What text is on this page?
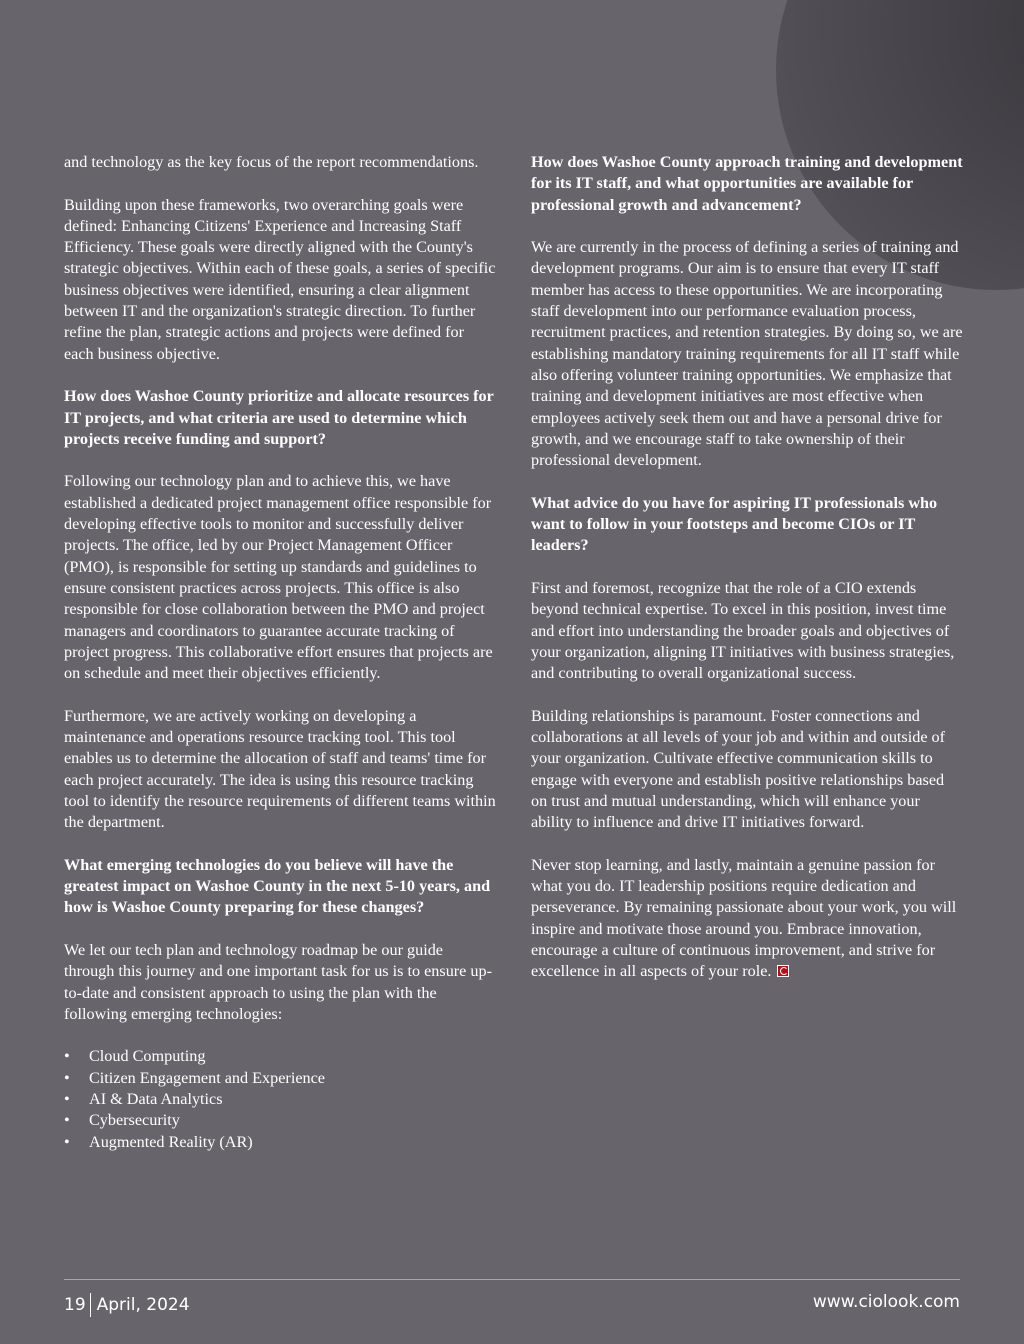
and technology as the key focus of the report recommendations.

Building upon these frameworks, two overarching goals were defined: Enhancing Citizens' Experience and Increasing Staff Efficiency. These goals were directly aligned with the County's strategic objectives. Within each of these goals, a series of specific business objectives were identified, ensuring a clear alignment between IT and the organization's strategic direction. To further refine the plan, strategic actions and projects were defined for each business objective.

How does Washoe County prioritize and allocate resources for IT projects, and what criteria are used to determine which projects receive funding and support?

Following our technology plan and to achieve this, we have established a dedicated project management office responsible for developing effective tools to monitor and successfully deliver projects. The office, led by our Project Management Officer (PMO), is responsible for setting up standards and guidelines to ensure consistent practices across projects. This office is also responsible for close collaboration between the PMO and project managers and coordinators to guarantee accurate tracking of project progress. This collaborative effort ensures that projects are on schedule and meet their objectives efficiently.

Furthermore, we are actively working on developing a maintenance and operations resource tracking tool. This tool enables us to determine the allocation of staff and teams' time for each project accurately. The idea is using this resource tracking tool to identify the resource requirements of different teams within the department.

What emerging technologies do you believe will have the greatest impact on Washoe County in the next 5-10 years, and how is Washoe County preparing for these changes?

We let our tech plan and technology roadmap be our guide through this journey and one important task for us is to ensure up-to-date and consistent approach to using the plan with the following emerging technologies:

• Cloud Computing
• Citizen Engagement and Experience
• AI & Data Analytics
• Cybersecurity
• Augmented Reality (AR)

How does Washoe County approach training and development for its IT staff, and what opportunities are available for professional growth and advancement?

We are currently in the process of defining a series of training and development programs. Our aim is to ensure that every IT staff member has access to these opportunities. We are incorporating staff development into our performance evaluation process, recruitment practices, and retention strategies. By doing so, we are establishing mandatory training requirements for all IT staff while also offering volunteer training opportunities. We emphasize that training and development initiatives are most effective when employees actively seek them out and have a personal drive for growth, and we encourage staff to take ownership of their professional development.

What advice do you have for aspiring IT professionals who want to follow in your footsteps and become CIOs or IT leaders?

First and foremost, recognize that the role of a CIO extends beyond technical expertise. To excel in this position, invest time and effort into understanding the broader goals and objectives of your organization, aligning IT initiatives with business strategies, and contributing to overall organizational success.

Building relationships is paramount. Foster connections and collaborations at all levels of your job and within and outside of your organization. Cultivate effective communication skills to engage with everyone and establish positive relationships based on trust and mutual understanding, which will enhance your ability to influence and drive IT initiatives forward.

Never stop learning, and lastly, maintain a genuine passion for what you do. IT leadership positions require dedication and perseverance. By remaining passionate about your work, you will inspire and motivate those around you. Embrace innovation, encourage a culture of continuous improvement, and strive for excellence in all aspects of your role.

19 April, 2024	www.ciolook.com
